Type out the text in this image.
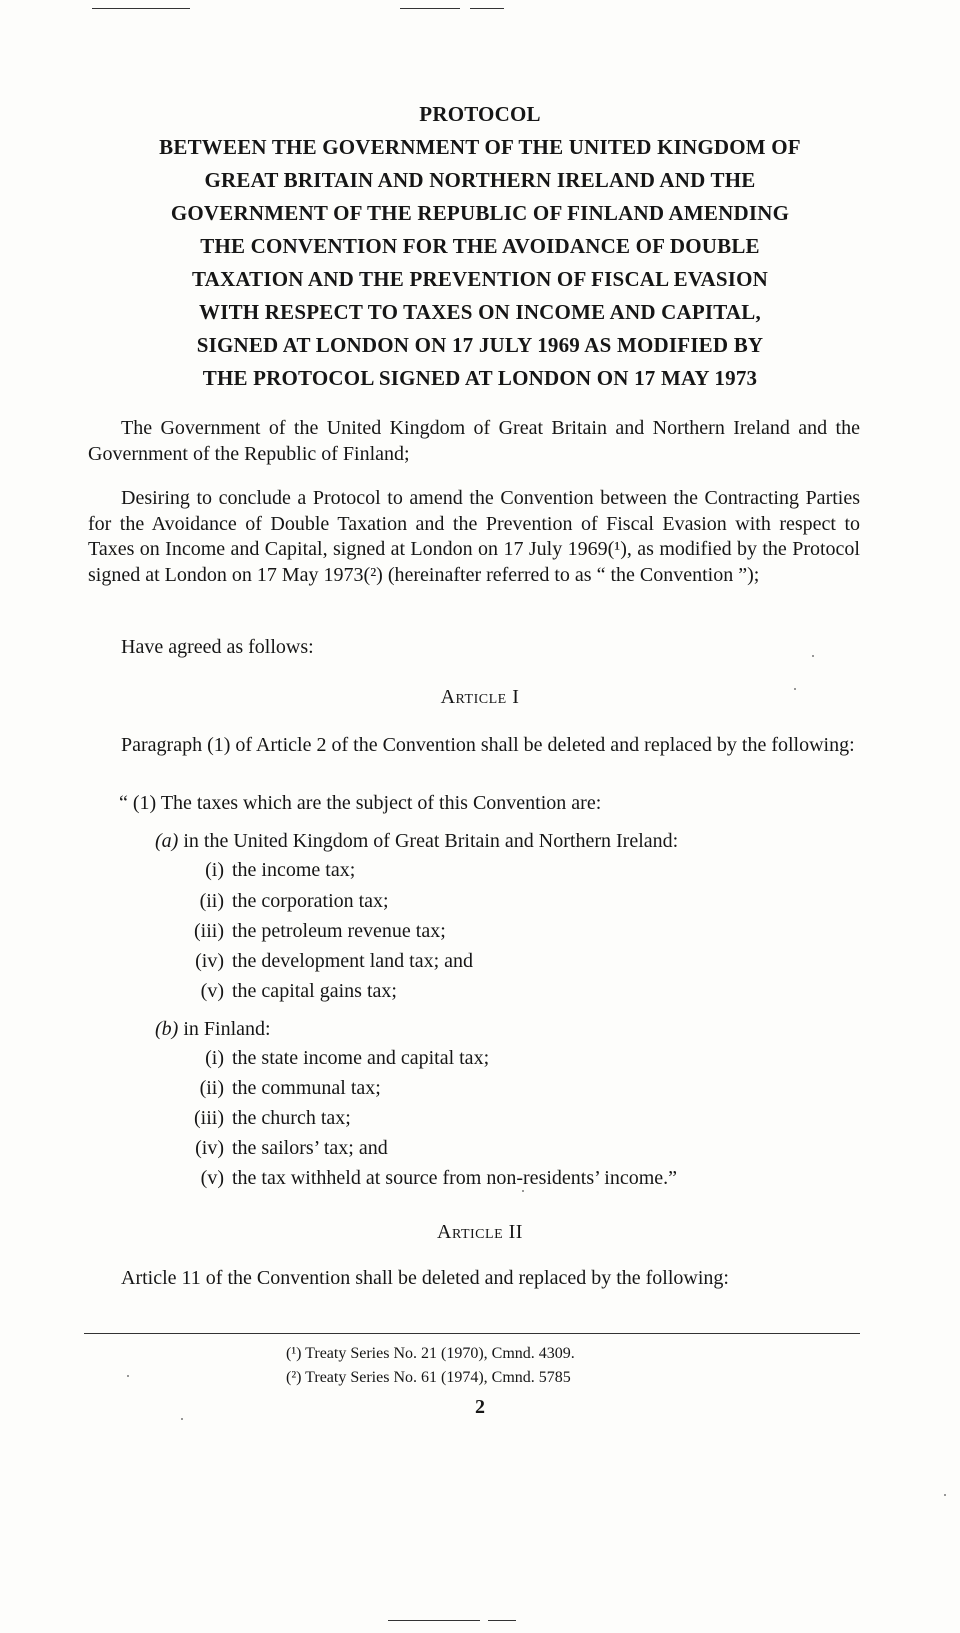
PROTOCOL
BETWEEN THE GOVERNMENT OF THE UNITED KINGDOM OF
GREAT BRITAIN AND NORTHERN IRELAND AND THE
GOVERNMENT OF THE REPUBLIC OF FINLAND AMENDING
THE CONVENTION FOR THE AVOIDANCE OF DOUBLE
TAXATION AND THE PREVENTION OF FISCAL EVASION
WITH RESPECT TO TAXES ON INCOME AND CAPITAL,
SIGNED AT LONDON ON 17 JULY 1969 AS MODIFIED BY
THE PROTOCOL SIGNED AT LONDON ON 17 MAY 1973

The Government of the United Kingdom of Great Britain and Northern Ireland and the Government of the Republic of Finland;

Desiring to conclude a Protocol to amend the Convention between the Contracting Parties for the Avoidance of Double Taxation and the Prevention of Fiscal Evasion with respect to Taxes on Income and Capital, signed at London on 17 July 1969(¹), as modified by the Protocol signed at London on 17 May 1973(²) (hereinafter referred to as “ the Convention ”);

Have agreed as follows:

Article I

Paragraph (1) of Article 2 of the Convention shall be deleted and replaced by the following:

“ (1) The taxes which are the subject of this Convention are:

(a) in the United Kingdom of Great Britain and Northern Ireland:
(i) the income tax;
(ii) the corporation tax;
(iii) the petroleum revenue tax;
(iv) the development land tax; and
(v) the capital gains tax;
(b) in Finland:
(i) the state income and capital tax;
(ii) the communal tax;
(iii) the church tax;
(iv) the sailors’ tax; and
(v) the tax withheld at source from non-residents’ income.”
Article II

Article 11 of the Convention shall be deleted and replaced by the following:

(¹) Treaty Series No. 21 (1970), Cmnd. 4309.
(²) Treaty Series No. 61 (1974), Cmnd. 5785
2
